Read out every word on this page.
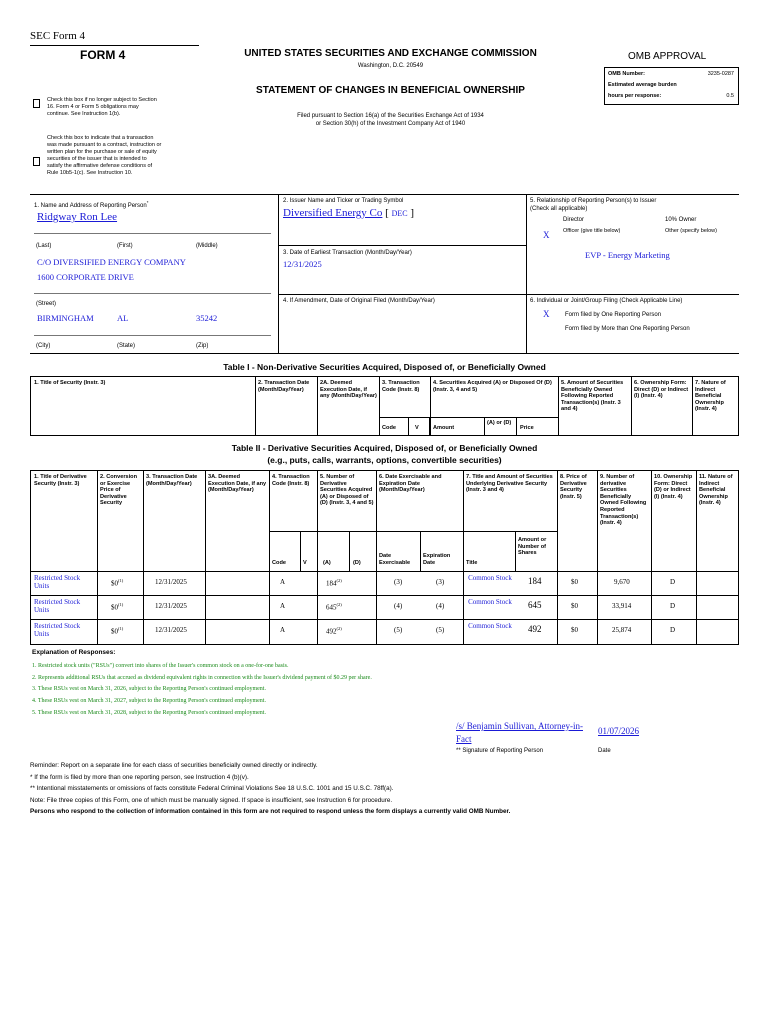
SEC Form 4
FORM 4	UNITED STATES SECURITIES AND EXCHANGE COMMISSION
Washington, D.C. 20549
STATEMENT OF CHANGES IN BENEFICIAL OWNERSHIP
Filed pursuant to Section 16(a) of the Securities Exchange Act of 1934
or Section 30(h) of the Investment Company Act of 1940
Check this box if no longer subject to Section 16. Form 4 or Form 5 obligations may continue. See Instruction 1(b).
Check this box to indicate that a transaction was made pursuant to a contract, instruction or written plan for the purchase or sale of equity securities of the issuer that is intended to satisfy the affirmative defense conditions of Rule 10b5-1(c). See Instruction 10.
OMB APPROVAL
OMB Number:	3235-0287
Estimated average burden
hours per response:	0.5
1. Name and Address of Reporting Person*
Ridgway Ron Lee
(Last)	(First)	(Middle)
C/O DIVERSIFIED ENERGY COMPANY
1600 CORPORATE DRIVE
(Street)
BIRMINGHAM	AL	35242
(City)	(State)	(Zip)
2. Issuer Name and Ticker or Trading Symbol
Diversified Energy Co [ DEC ]
3. Date of Earliest Transaction (Month/Day/Year)
12/31/2025
4. If Amendment, Date of Original Filed (Month/Day/Year)
5. Relationship of Reporting Person(s) to Issuer
(Check all applicable)
Director	10% Owner
X Officer (give title below)	Other (specify below)
EVP - Energy Marketing
6. Individual or Joint/Group Filing (Check Applicable Line)
X	Form filed by One Reporting Person
Form filed by More than One Reporting Person
Table I - Non-Derivative Securities Acquired, Disposed of, or Beneficially Owned
1. Title of Security (Instr. 3)	2. Transaction Date (Month/Day/Year)
2A. Deemed Execution Date, if any (Month/Day/Year)
3. Transaction Code (Instr. 8)
4. Securities Acquired (A) or Disposed Of (D) (Instr. 3, 4 and 5)
5. Amount of Securities Beneficially Owned Following Reported Transaction(s) (Instr. 3 and 4)
6. Ownership Form: Direct (D) or Indirect (I) (Instr. 4)
7. Nature of Indirect Beneficial Ownership (Instr. 4)
Code	V	Amount
(A) or (D)
Price
Table II - Derivative Securities Acquired, Disposed of, or Beneficially Owned
(e.g., puts, calls, warrants, options, convertible securities)
1. Title of Derivative Security (Instr. 3)
2. Conversion or Exercise Price of Derivative Security
3. Transaction Date (Month/Day/Year)
3A. Deemed Execution Date, if any (Month/Day/Year)
4. Transaction Code (Instr. 8)
5. Number of Derivative Securities Acquired (A) or Disposed of (D) (Instr. 3, 4 and 5)
6. Date Exercisable and Expiration Date (Month/Day/Year)
7. Title and Amount of Securities Underlying Derivative Security (Instr. 3 and 4)
8. Price of Derivative Security (Instr. 5)
9. Number of derivative Securities Beneficially Owned Following Reported Transaction(s) (Instr. 4)
10. Ownership Form: Direct (D) or Indirect (I) (Instr. 4)
11. Nature of Indirect Beneficial Ownership (Instr. 4)
Code	V	(A)	(D)
Date Exercisable
Expiration Date	Title
Amount or Number of Shares
Restricted Stock Units	$0$^{(1)}$	12/31/2025	A	184$^{(2)}$	(3)	(3)	Common Stock 184	$0	9,670	D
Restricted Stock Units	$0$^{(1)}$	12/31/2025	A	645$^{(2)}$	(4)	(4)	Common Stock 645	$0	33,914	D
Restricted Stock Units	$0$^{(1)}$	12/31/2025	A	492$^{(2)}$	(5)	(5)	Common Stock 492	$0	25,874	D
Explanation of Responses:
1. Restricted stock units ("RSUs") convert into shares of the Issuer's common stock on a one-for-one basis.
2. Represents additional RSUs that accrued as dividend equivalent rights in connection with the Issuer's dividend payment of $0.29 per share.
3. These RSUs vest on March 31, 2026, subject to the Reporting Person's continued employment.
4. These RSUs vest on March 31, 2027, subject to the Reporting Person's continued employment.
5. These RSUs vest on March 31, 2028, subject to the Reporting Person's continued employment.
/s/ Benjamin Sullivan, Attorney-in-Fact
01/07/2026
** Signature of Reporting Person	Date
Reminder: Report on a separate line for each class of securities beneficially owned directly or indirectly.
* If the form is filed by more than one reporting person, see Instruction 4 (b)(v).
** Intentional misstatements or omissions of facts constitute Federal Criminal Violations See 18 U.S.C. 1001 and 15 U.S.C. 78ff(a).
Note: File three copies of this Form, one of which must be manually signed. If space is insufficient, see Instruction 6 for procedure.
Persons who respond to the collection of information contained in this form are not required to respond unless the form displays a currently valid OMB Number.
